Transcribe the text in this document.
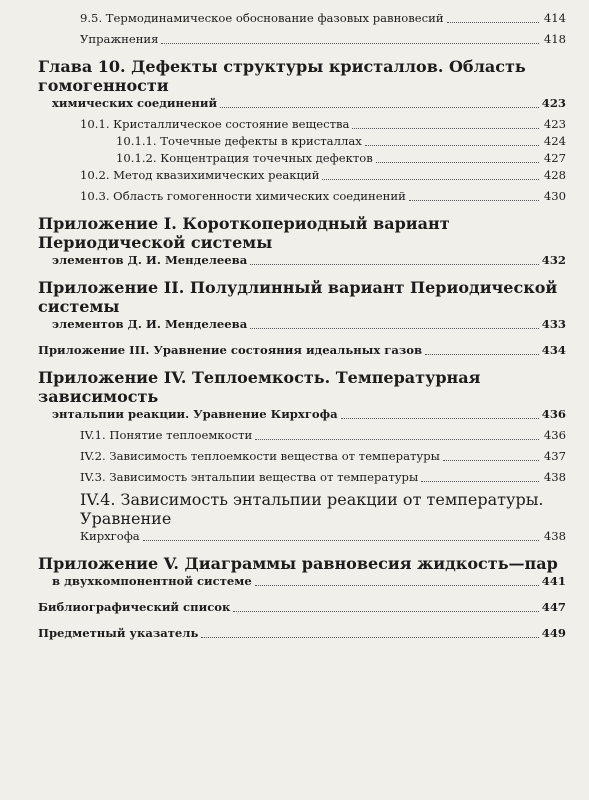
​
9.5. Термодинамическое обоснование фазовых равновесий	414
Упражнения	418
Глава 10. Дефекты структуры кристаллов. Область гомогенности
химических соединений	423
10.1. Кристаллическое состояние вещества	423
10.1.1. Точечные дефекты в кристаллах	424
10.1.2. Концентрация точечных дефектов	427
10.2. Метод квазихимических реакций	428
10.3. Область гомогенности химических соединений	430
Приложение I. Короткопериодный вариант Периодической системы
элементов Д. И. Менделеева	432
Приложение II. Полудлинный вариант Периодической системы
элементов Д. И. Менделеева	433
Приложение III. Уравнение состояния идеальных газов	434
Приложение IV. Теплоемкость. Температурная зависимость
энтальпии реакции. Уравнение Кирхгофа	436
IV.1. Понятие теплоемкости	436
IV.2. Зависимость теплоемкости вещества от температуры	437
IV.3. Зависимость энтальпии вещества от температуры	438
IV.4. Зависимость энтальпии реакции от температуры. Уравнение
Кирхгофа	438
Приложение V. Диаграммы равновесия жидкость—пар
в двухкомпонентной системе	441
Библиографический список	447
Предметный указатель	449
